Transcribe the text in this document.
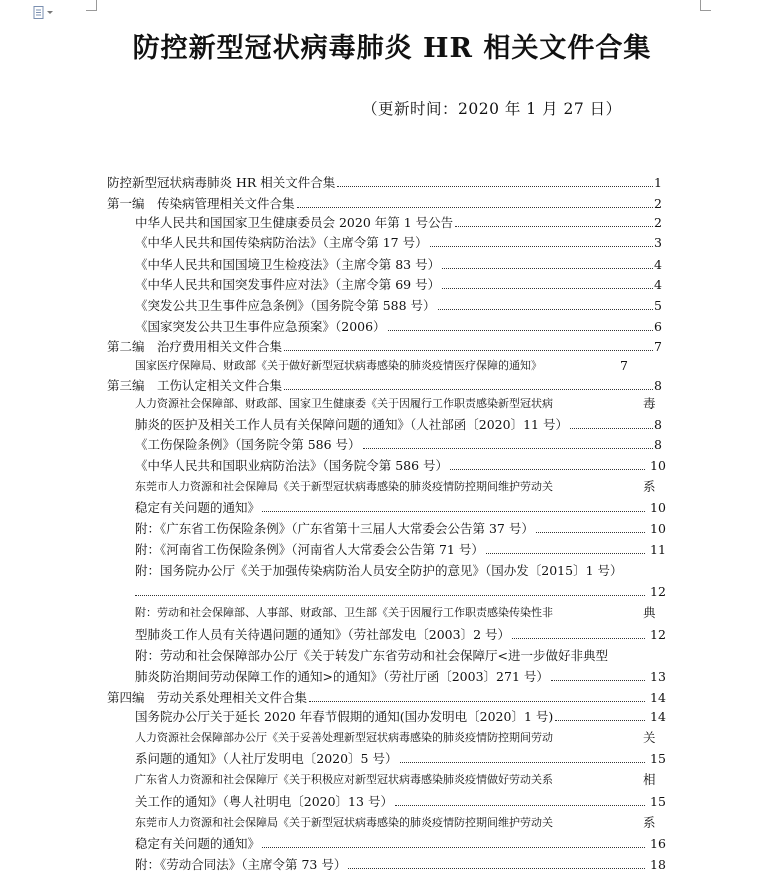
防控新型冠状病毒肺炎 HR 相关文件合集
（更新时间：2020 年 1 月 27 日）
防控新型冠状病毒肺炎 HR 相关文件合集	1
第一编　传染病管理相关文件合集	2
中华人民共和国国家卫生健康委员会 2020 年第 1 号公告	2
《中华人民共和国传染病防治法》（主席令第 17 号）	3
《中华人民共和国国境卫生检疫法》（主席令第 83 号）	4
《中华人民共和国突发事件应对法》（主席令第 69 号）	4
《突发公共卫生事件应急条例》（国务院令第 588 号）	5
《国家突发公共卫生事件应急预案》（2006）	6
第二编　治疗费用相关文件合集	7
国家医疗保障局、财政部《关于做好新型冠状病毒感染的肺炎疫情医疗保障的通知》	7
第三编　工伤认定相关文件合集	8
人力资源社会保障部、财政部、国家卫生健康委《关于因履行工作职责感染新型冠状病	毒
肺炎的医护及相关工作人员有关保障问题的通知》（人社部函〔2020〕11 号）	8
《工伤保险条例》（国务院令第 586 号）	8
《中华人民共和国职业病防治法》（国务院令第 586 号）	10
东莞市人力资源和社会保障局《关于新型冠状病毒感染的肺炎疫情防控期间维护劳动关	系
稳定有关问题的通知》	10
附：《广东省工伤保险条例》（广东省第十三届人大常委会公告第 37 号）	10
附：《河南省工伤保险条例》（河南省人大常委会公告第 71 号）	11
附：国务院办公厅《关于加强传染病防治人员安全防护的意见》（国办发〔2015〕1 号）
12
附：劳动和社会保障部、人事部、财政部、卫生部《关于因履行工作职责感染传染性非	典
型肺炎工作人员有关待遇问题的通知》（劳社部发电〔2003〕2 号）	12
附：劳动和社会保障部办公厅《关于转发广东省劳动和社会保障厅<进一步做好非典型
肺炎防治期间劳动保障工作的通知>的通知》（劳社厅函〔2003〕271 号）	13
第四编　劳动关系处理相关文件合集	14
国务院办公厅关于延长 2020 年春节假期的通知(国办发明电〔2020〕1 号)	14
人力资源社会保障部办公厅《关于妥善处理新型冠状病毒感染的肺炎疫情防控期间劳动	关
系问题的通知》（人社厅发明电〔2020〕5 号）	15
广东省人力资源和社会保障厅《关于积极应对新型冠状病毒感染肺炎疫情做好劳动关系	相
关工作的通知》（粤人社明电〔2020〕13 号）	15
东莞市人力资源和社会保障局《关于新型冠状病毒感染的肺炎疫情防控期间维护劳动关	系
稳定有关问题的通知》	16
附：《劳动合同法》（主席令第 73 号）	18
